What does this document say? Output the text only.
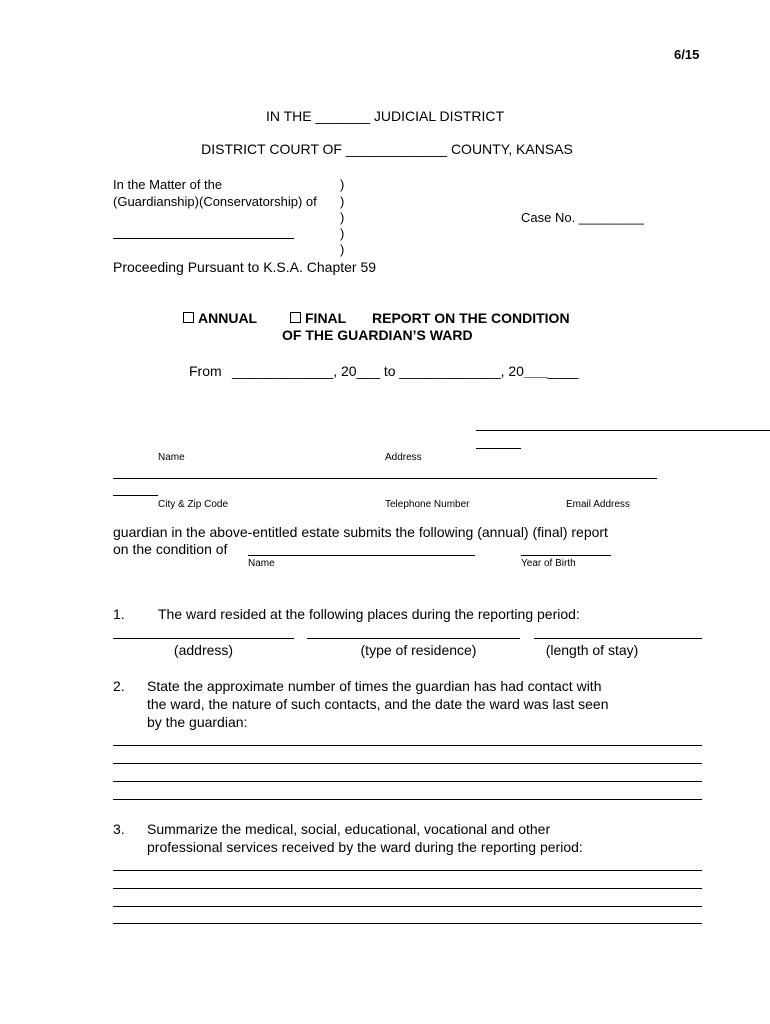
6/15
IN THE _______ JUDICIAL DISTRICT
DISTRICT COURT OF _____________ COUNTY, KANSAS
In the Matter of the
(Guardianship)(Conservatorship) of
)
)
)
)
)
Case No. _________
Proceeding Pursuant to K.S.A. Chapter 59
ANNUAL	FINAL REPORT ON THE CONDITION
OF THE GUARDIAN’S WARD
From _____________, 20___ to _____________, 20_______
Name	Address
City & Zip Code	Telephone Number	Email Address
guardian in the above-entitled estate submits the following (annual) (final) report
on the condition of
Name	Year of Birth
1. The ward resided at the following places during the reporting period:
(address)	(type of residence)	(length of stay)
2. State the approximate number of times the guardian has had contact with
the ward, the nature of such contacts, and the date the ward was last seen
by the guardian:
3. Summarize the medical, social, educational, vocational and other
professional services received by the ward during the reporting period:
